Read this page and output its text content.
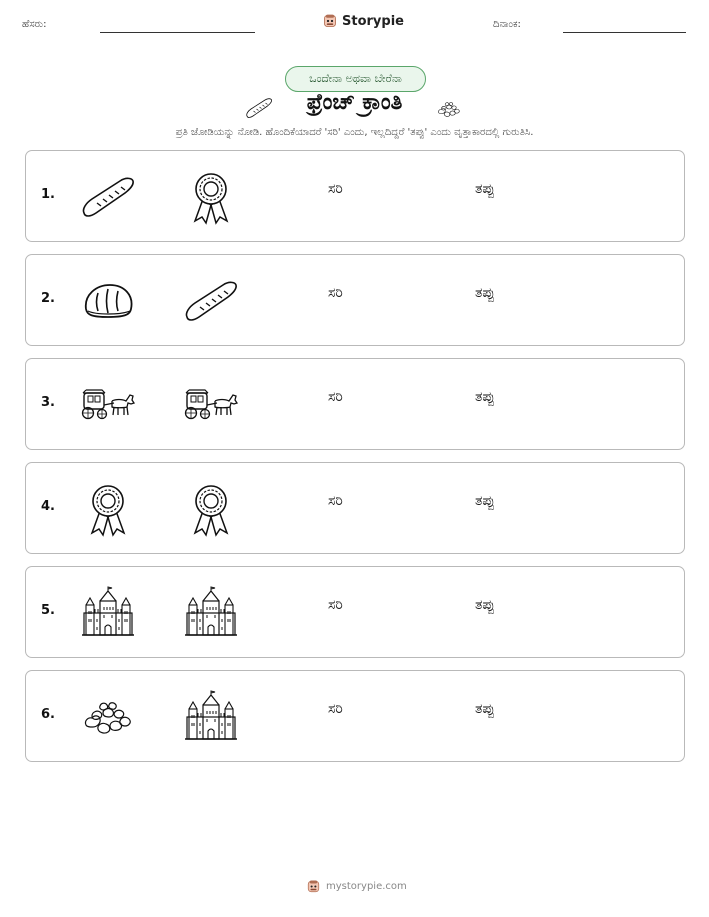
ಹೆಸರು:	Storypie	ದಿನಾಂಕ:
ಒಂದೇನಾ ಅಥವಾ ಬೇರೆನಾ
ಫ್ರೆಂಚ್ ಕ್ರಾಂತಿ
ಪ್ರತಿ ಜೋಡಿಯನ್ನು ನೋಡಿ. ಹೊಂದಿಕೆಯಾದರೆ 'ಸರಿ' ಎಂದು, ಇಲ್ಲದಿದ್ದರೆ 'ತಪ್ಪು' ಎಂದು ವೃತ್ತಾಕಾರದಲ್ಲಿ ಗುರುತಿಸಿ.
1.	ಸರಿ	ತಪ್ಪು
2.	ಸರಿ	ತಪ್ಪು
3.	ಸರಿ	ತಪ್ಪು
4.	ಸರಿ	ತಪ್ಪು
5.	ಸರಿ	ತಪ್ಪು
6.	ಸರಿ	ತಪ್ಪು
mystorypie.com
